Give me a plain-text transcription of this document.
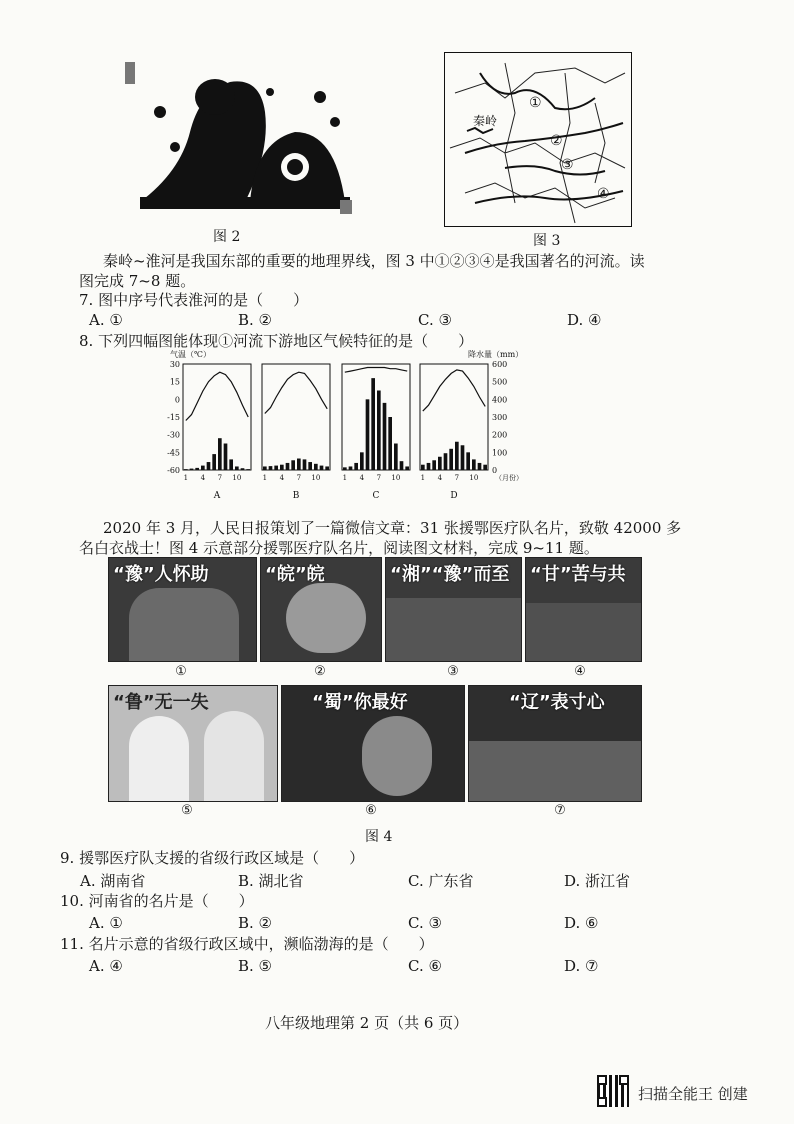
图 2
秦岭
①
②
③
④
图 3
秦岭~淮河是我国东部的重要的地理界线，图 3 中①②③④是我国著名的河流。读
图完成 7~8 题。
7. 图中序号代表淮河的是（　　）
A. ①	B. ②	C. ③	D. ④
8. 下列四幅图能体现①河流下游地区气候特征的是（　　）
气温（℃）	降水量（mm）
30
15
0
-15
-30
-45
-60
600
500
400
300
200
100
0
1 4 7 10
A
1 4 7 10
B
1 4 7 10
C
1 4 7 10
D
（月份）
2020 年 3 月，人民日报策划了一篇微信文章：31 张援鄂医疗队名片，致敬 42000 多
名白衣战士！图 4 示意部分援鄂医疗队名片，阅读图文材料，完成 9~11 题。
“豫”人怀助
①
“皖”皖
②
“湘”“豫”而至
③
“甘”苦与共
④
“鲁”无一失
⑤
“蜀”你最好
⑥
“辽”表寸心
⑦
图 4
9. 援鄂医疗队支援的省级行政区域是（　　）
A. 湖南省	B. 湖北省	C. 广东省	D. 浙江省
10. 河南省的名片是（　　）
A. ①	B. ②	C. ③	D. ⑥
11. 名片示意的省级行政区域中，濒临渤海的是（　　）
A. ④	B. ⑤	C. ⑥	D. ⑦
八年级地理第 2 页（共 6 页）
扫描全能王 创建
